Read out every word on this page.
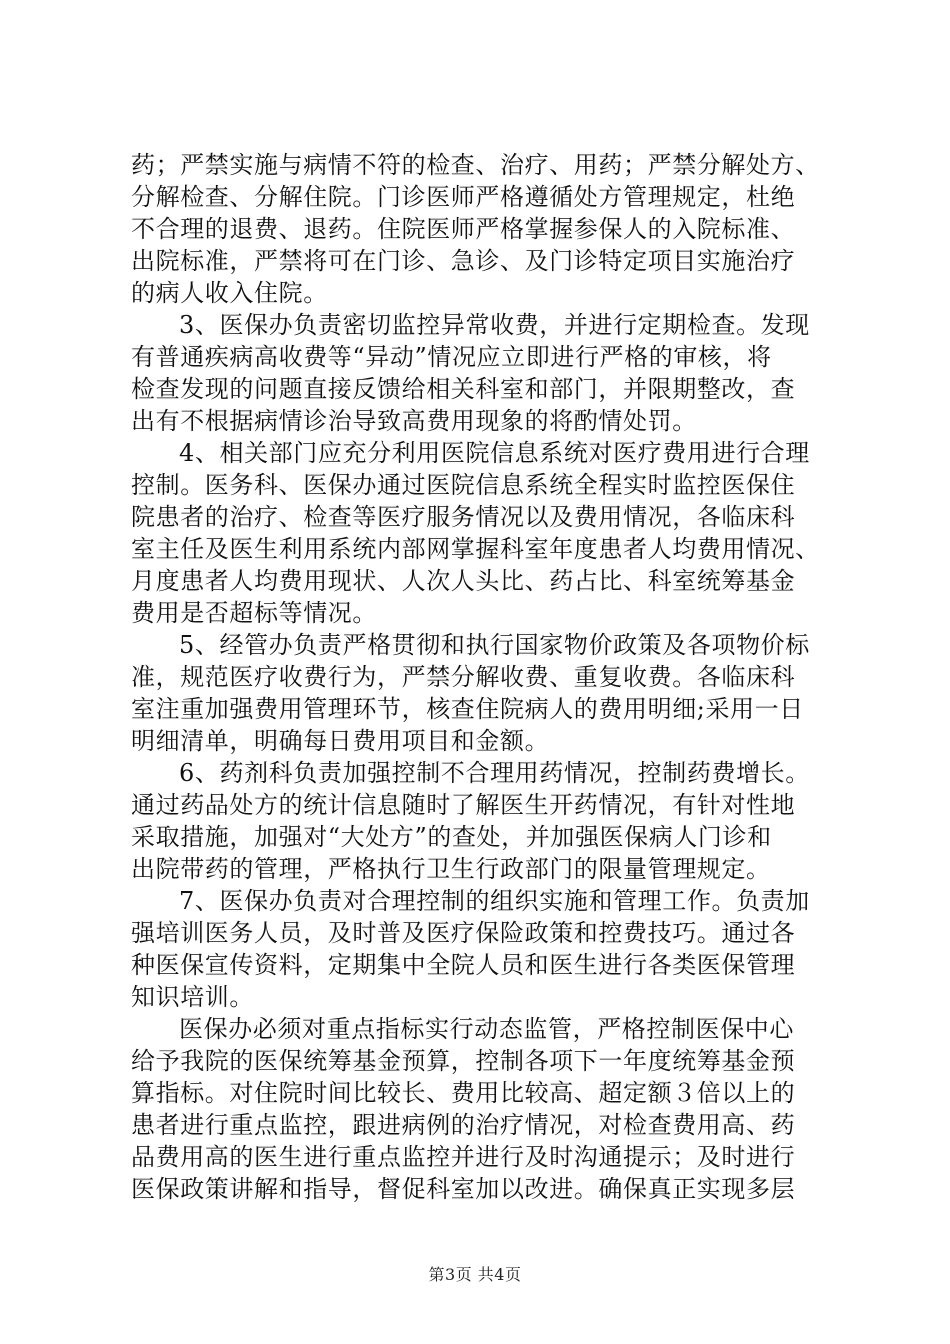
药；严禁实施与病情不符的检查、治疗、用药；严禁分解处方、
分解检查、分解住院。门诊医师严格遵循处方管理规定，杜绝
不合理的退费、退药。住院医师严格掌握参保人的入院标准、
出院标准，严禁将可在门诊、急诊、及门诊特定项目实施治疗
的病人收入住院。
3、医保办负责密切监控异常收费，并进行定期检查。发现
有普通疾病高收费等“异动”情况应立即进行严格的审核，将
检查发现的问题直接反馈给相关科室和部门，并限期整改，查
出有不根据病情诊治导致高费用现象的将酌情处罚。
4、相关部门应充分利用医院信息系统对医疗费用进行合理
控制。医务科、医保办通过医院信息系统全程实时监控医保住
院患者的治疗、检查等医疗服务情况以及费用情况，各临床科
室主任及医生利用系统内部网掌握科室年度患者人均费用情况、
月度患者人均费用现状、人次人头比、药占比、科室统筹基金
费用是否超标等情况。
5、经管办负责严格贯彻和执行国家物价政策及各项物价标
准，规范医疗收费行为，严禁分解收费、重复收费。各临床科
室注重加强费用管理环节，核查住院病人的费用明细;采用一日
明细清单，明确每日费用项目和金额。
6、药剂科负责加强控制不合理用药情况，控制药费增长。
通过药品处方的统计信息随时了解医生开药情况，有针对性地
采取措施，加强对“大处方”的查处，并加强医保病人门诊和
出院带药的管理，严格执行卫生行政部门的限量管理规定。
7、医保办负责对合理控制的组织实施和管理工作。负责加
强培训医务人员，及时普及医疗保险政策和控费技巧。通过各
种医保宣传资料，定期集中全院人员和医生进行各类医保管理
知识培训。
医保办必须对重点指标实行动态监管，严格控制医保中心
给予我院的医保统筹基金预算，控制各项下一年度统筹基金预
算指标。对住院时间比较长、费用比较高、超定额３倍以上的
患者进行重点监控，跟进病例的治疗情况，对检查费用高、药
品费用高的医生进行重点监控并进行及时沟通提示；及时进行
医保政策讲解和指导，督促科室加以改进。确保真正实现多层
第3页 共4页
